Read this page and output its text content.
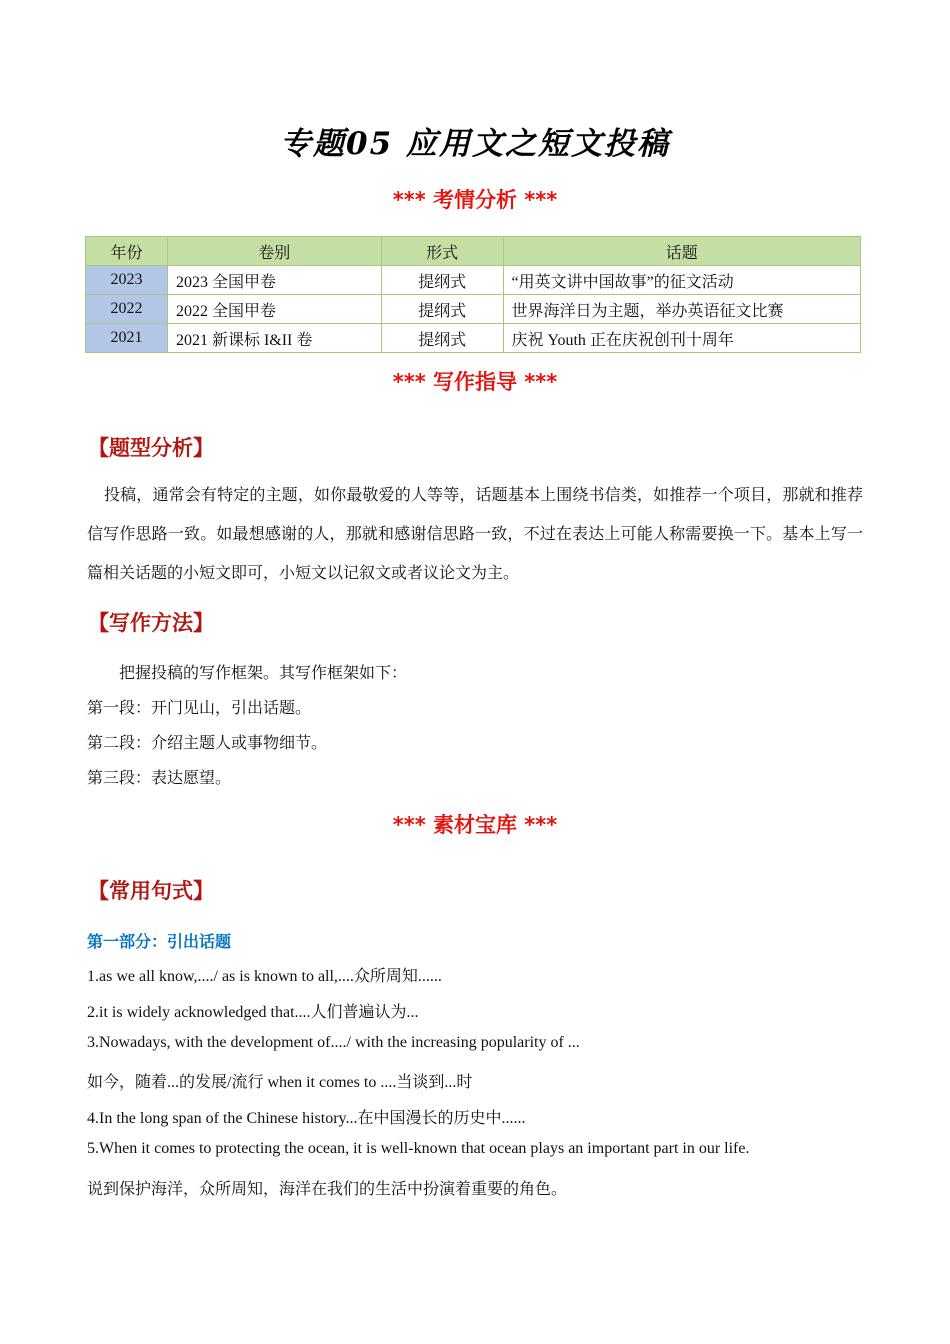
专题05 应用文之短文投稿
*** 考情分析 ***
年份	卷别	形式	话题
2023	2023 全国甲卷	提纲式	“用英文讲中国故事”的征文活动
2022	2022 全国甲卷	提纲式	世界海洋日为主题，举办英语征文比赛
2021	2021 新课标 I&II 卷	提纲式	庆祝 Youth 正在庆祝创刊十周年
*** 写作指导 ***
【题型分析】
投稿，通常会有特定的主题，如你最敬爱的人等等，话题基本上围绕书信类，如推荐一个项目，那就和推荐信写作思路一致。如最想感谢的人，那就和感谢信思路一致，不过在表达上可能人称需要换一下。基本上写一篇相关话题的小短文即可，小短文以记叙文或者议论文为主。
【写作方法】
把握投稿的写作框架。其写作框架如下：
第一段：开门见山，引出话题。
第二段：介绍主题人或事物细节。
第三段：表达愿望。
*** 素材宝库 ***
【常用句式】
第一部分：引出话题
1.as we all know,..../ as is known to all,....众所周知......
2.it is widely acknowledged that....人们普遍认为...
3.Nowadays, with the development of..../ with the increasing popularity of ...
如今，随着...的发展/流行 when it comes to ....当谈到...时
4.In the long span of the Chinese history...在中国漫长的历史中......
5.When it comes to protecting the ocean, it is well-known that ocean plays an important part in our life.
说到保护海洋，众所周知，海洋在我们的生活中扮演着重要的角色。
